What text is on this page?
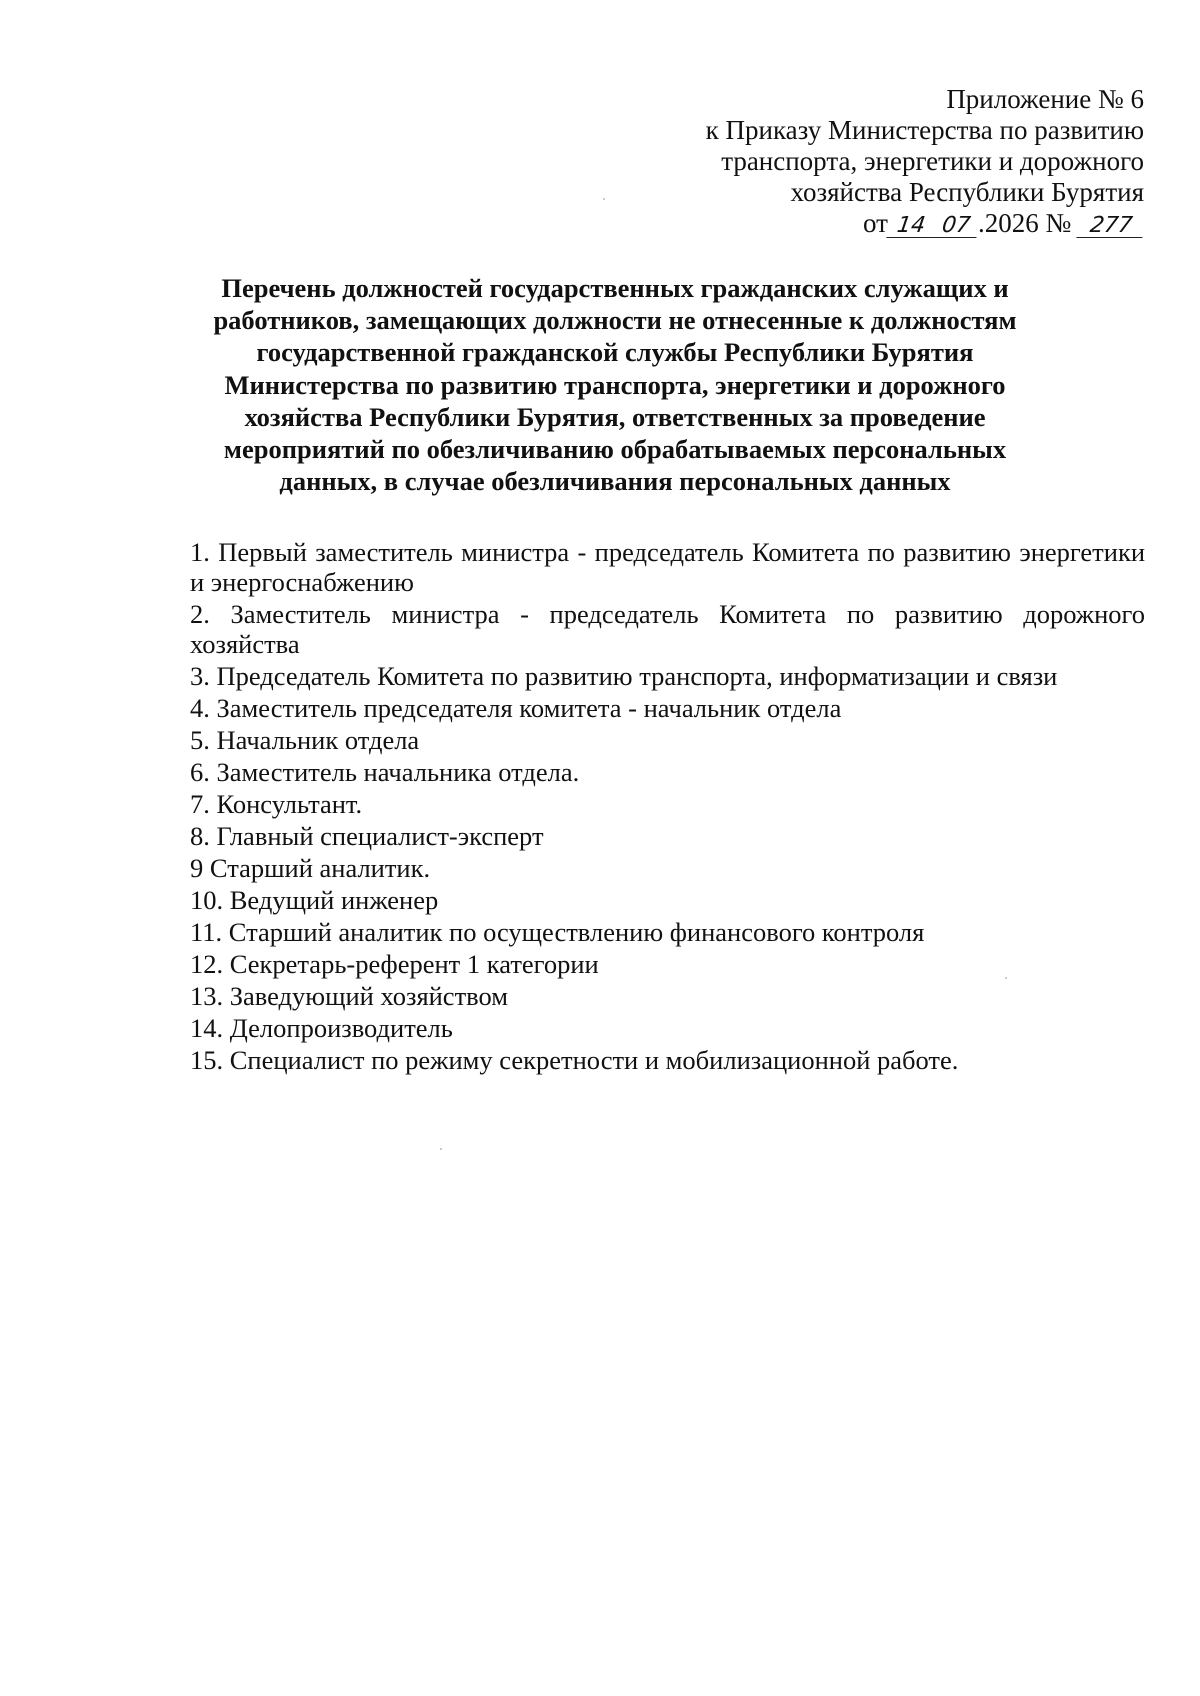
Приложение № 6
к Приказу Министерства по развитию
транспорта, энергетики и дорожного
хозяйства Республики Бурятия
от 14 07 .2026 № 277
Перечень должностей государственных гражданских служащих и
работников, замещающих должности не отнесенные к должностям
государственной гражданской службы Республики Бурятия
Министерства по развитию транспорта, энергетики и дорожного
хозяйства Республики Бурятия, ответственных за проведение
мероприятий по обезличиванию обрабатываемых персональных
данных, в случае обезличивания персональных данных
1. Первый заместитель министра - председатель Комитета по развитию энергетики и энергоснабжению
2. Заместитель министра - председатель Комитета по развитию дорожного хозяйства
3. Председатель Комитета по развитию транспорта, информатизации и связи
4. Заместитель председателя комитета - начальник отдела
5. Начальник отдела
6. Заместитель начальника отдела.
7. Консультант.
8. Главный специалист-эксперт
9 Старший аналитик.
10. Ведущий инженер
11. Старший аналитик по осуществлению финансового контроля
12. Секретарь-референт 1 категории
13. Заведующий хозяйством
14. Делопроизводитель
15. Специалист по режиму секретности и мобилизационной работе.
